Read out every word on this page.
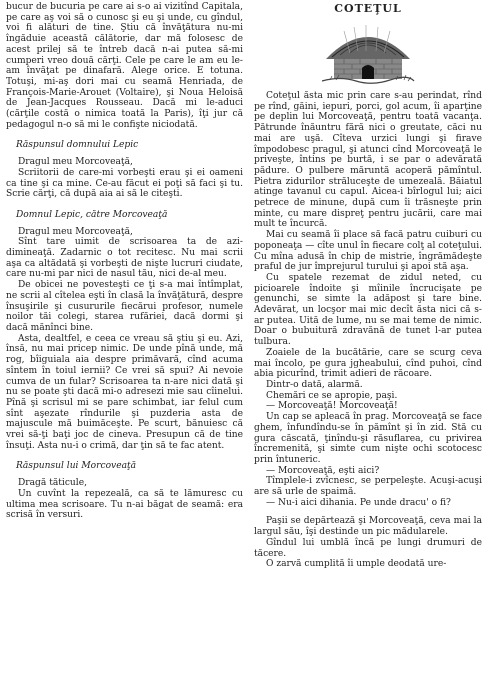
bucur de bucuria pe care ai s-o ai vizitînd Capitala, pe care aş voi să o cunosc şi eu şi unde, cu gîndul, voi fi alături de tine. Ştiu că învăţătura nu-mi îngăduie această călătorie, dar mă folosesc de acest prilej să te întreb dacă n-ai putea să-mi cumperi vreo două cărţi. Cele pe care le am eu le-am învăţat pe dinafară. Alege orice. E totuna. Totuşi, mi-aş dori mai cu seamă Henriada, de François-Marie-Arouet (Voltaire), şi Noua Heloisă de Jean-Jacques Rousseau. Dacă mi le-aduci (cărţile costă o nimica toată la Paris), îţi jur că pedagogul n-o să mi le confişte niciodată.

Răspunsul domnului Lepic

Dragul meu Morcoveaţă,

Scriitorii de care-mi vorbeşti erau şi ei oameni ca tine şi ca mine. Ce-au făcut ei poţi să faci şi tu. Scrie cărţi, că după aia ai să le citeşti.

Domnul Lepic, către Morcoveaţă

Dragul meu Morcoveaţă,

Sînt tare uimit de scrisoarea ta de azi-dimineaţă. Zadarnic o tot recitesc. Nu mai scrii aşa ca altădată şi vorbeşti de nişte lucruri ciudate, care nu-mi par nici de nasul tău, nici de-al meu.

De obicei ne povesteşti ce ţi s-a mai întîmplat, ne scrii al cîtelea eşti în clasă la învăţătură, despre însuşirile şi cusururile fiecărui profesor, numele noilor tăi colegi, starea rufăriei, dacă dormi şi dacă mănînci bine.

Asta, dealtfel, e ceea ce vreau să ştiu şi eu. Azi, însă, nu mai pricep nimic. De unde pînă unde, mă rog, bîiguiala aia despre primăvară, cînd acuma sîntem în toiul iernii? Ce vrei să spui? Ai nevoie cumva de un fular? Scrisoarea ta n-are nici dată şi nu se poate şti dacă mi-o adresezi mie sau cîinelui. Pînă şi scrisul mi se pare schimbat, iar felul cum sînt aşezate rîndurile şi puzderia asta de majuscule mă buimăceşte. Pe scurt, bănuiesc că vrei să-ţi baţi joc de cineva. Presupun că de tine însuţi. Asta nu-i o crimă, dar ţin să te fac atent.

Răspunsul lui Morcoveaţă

Dragă tăticule,

Un cuvînt la repezeală, ca să te lămuresc cu ultima mea scrisoare. Tu n-ai băgat de seamă: era scrisă în versuri.

COTEŢUL

Coteţul ăsta mic prin care s-au perindat, rînd pe rînd, găini, iepuri, porci, gol acum, îi aparţine pe deplin lui Morcoveaţă, pentru toată vacanţa. Pătrunde înăuntru fără nici o greutate, căci nu mai are uşă. Cîteva urzici lungi şi firave împodobesc pragul, şi atunci cînd Morcoveaţă le priveşte, întins pe burtă, i se par o adevărată pădure. O pulbere măruntă acoperă pămîntul. Pietra zidurilor străluceşte de umezeală. Băiatul atinge tavanul cu capul. Aicea-i bîrlogul lui; aici petrece de minune, după cum îi trăsneşte prin minte, cu mare dispreţ pentru jucării, care mai mult te încurcă.

Mai cu seamă îi place să facă patru cuiburi cu poponeaţa — cîte unul în fiecare colţ al coteţului. Cu mîna adusă în chip de mistrie, îngrămădeşte praful de jur împrejurul turului şi apoi stă aşa.

Cu spatele rezemat de zidul neted, cu picioarele îndoite şi mîinile încrucişate pe genunchi, se simte la adăpost şi tare bine. Adevărat, un locşor mai mic decît ăsta nici că s-ar putea. Uită de lume, nu se mai teme de nimic. Doar o bubuitură zdravănă de tunet l-ar putea tulbura.

Zoaiele de la bucătărie, care se scurg ceva mai încolo, pe gura jgheabului, cînd puhoi, cînd abia picurînd, trimit adieri de răcoare.

Dintr-o dată, alarmă.

Chemări ce se apropie, paşi.

— Morcoveaţă! Morcoveaţă!

Un cap se apleacă în prag. Morcoveaţă se face ghem, înfundîndu-se în pămînt şi în zid. Stă cu gura căscată, ţinîndu-şi răsuflarea, cu privirea încremenită, şi simte cum nişte ochi scotocesc prin întuneric.

— Morcoveaţă, eşti aici?

Tîmplele-i zvîcnesc, se perpeleşte. Acuşi-acuşi are să urle de spaimă.

— Nu-i aici dihania. Pe unde dracu' o fi?

Paşii se depărtează şi Morcoveaţă, ceva mai la largul său, îşi destinde un pic mădularele.

Gîndul lui umblă încă pe lungi drumuri de tăcere.

O zarvă cumplită îi umple deodată ure-
